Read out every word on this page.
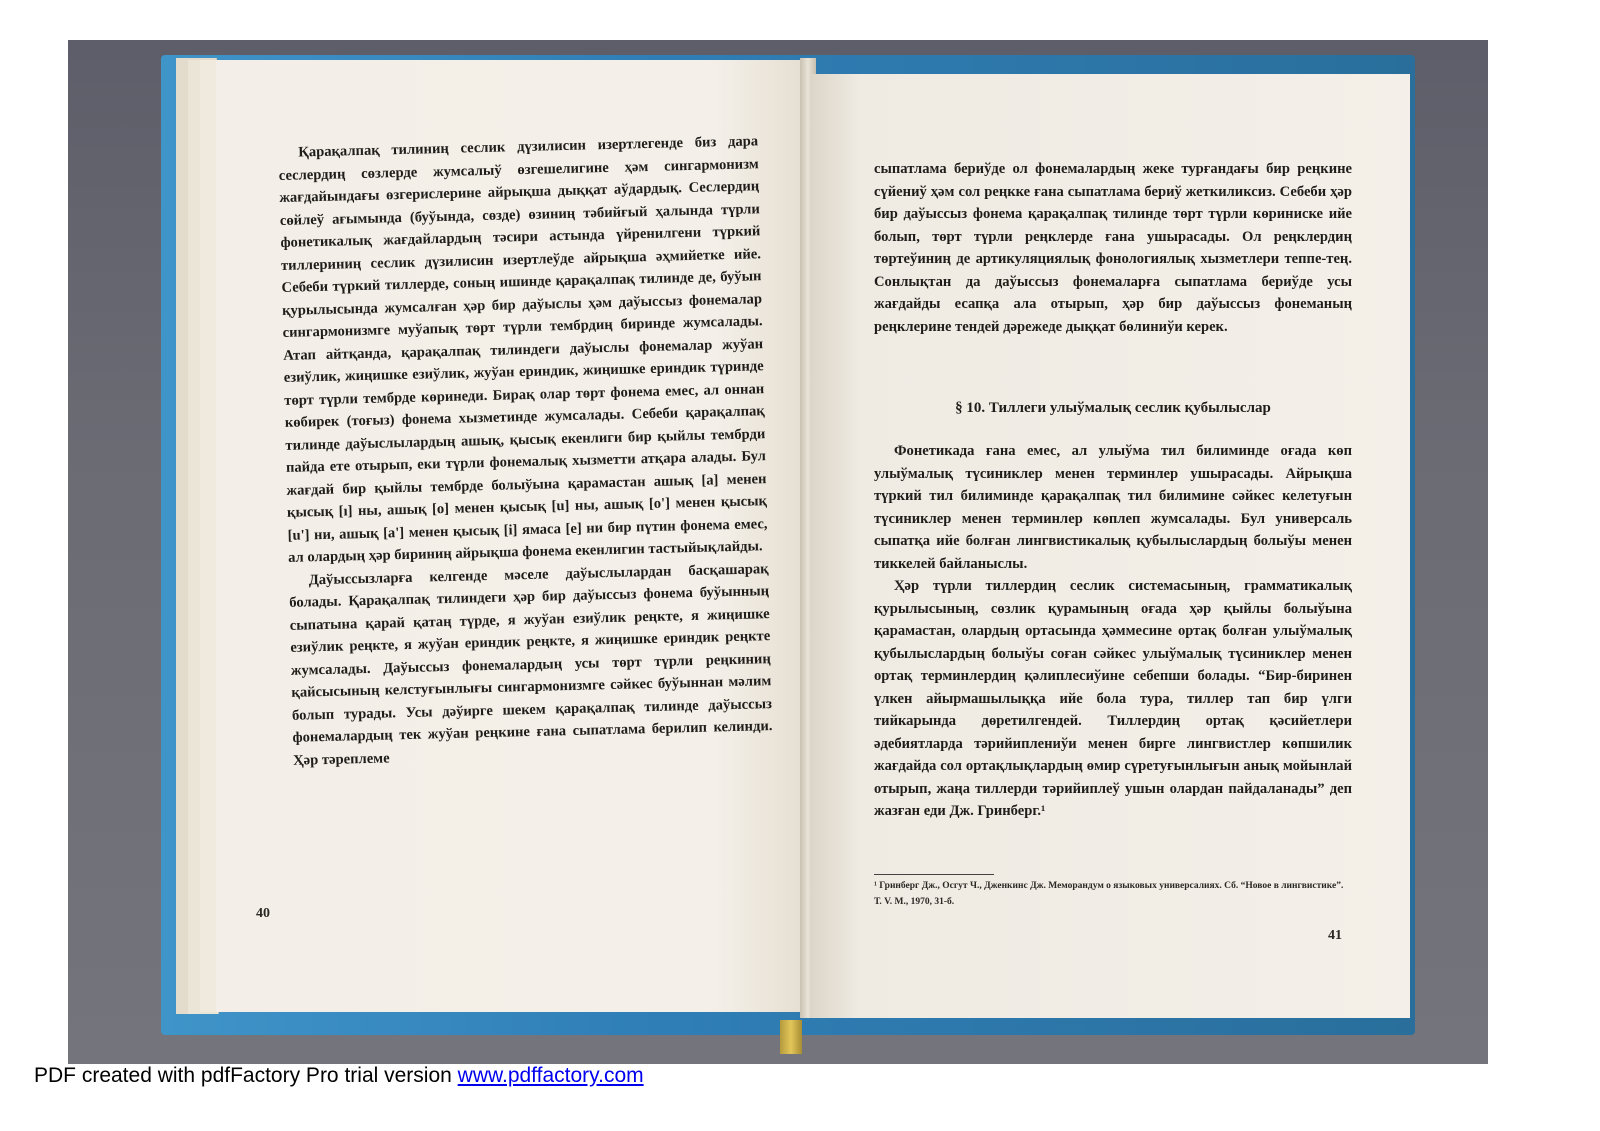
Қарақалпақ тилиниң сеслик дүзилисин изертлегенде биз дара сеслердиң сөзлерде жумсалыў өзгешелигине ҳәм сингармонизм жағдайындағы өзгерислерине айрықша дыққат аўдардық. Сеслердиң сөйлеў ағымында (буўында, сөзде) өзиниң тәбийғый ҳалында түрли фонетикалық жағдайлардың тәсири астында үйренилгени түркий тиллериниң сеслик дүзилисин изертлеўде айрықша әҳмийетке ийе. Себеби түркий тиллерде, соның ишинде қарақалпақ тилинде де, буўын қурылысында жумсалған ҳәр бир даўыслы ҳәм даўыссыз фонемалар сингармонизмге муўапық төрт түрли тембрдиң биринде жумсалады. Атап айтқанда, қарақалпақ тилиндеги даўыслы фонемалар жуўан езиўлик, жиңишке езиўлик, жуўан ериндик, жиңишке ериндик түринде төрт түрли тембрде көринеди. Бирақ олар төрт фонема емес, ал оннан көбирек (тоғыз) фонема хызметинде жумсалады. Себеби қарақалпақ тилинде даўыслылардың ашық, қысық екенлиги бир қыйлы тембрди пайда ете отырып, еки түрли фонемалық хызметти атқара алады. Бул жағдай бир қыйлы тембрде болыўына қарамастан ашық [а] менен қысық [ı] ны, ашық [о] менен қысық [u] ны, ашық [о'] менен қысық [u'] ни, ашық [а'] менен қысық [i] ямаса [е] ни бир пүтин фонема емес, ал олардың ҳәр бириниң айрықша фонема екенлигин тастыйықлайды.

Даўыссызларға келгенде мәселе даўыслылардан басқашарақ болады. Қарақалпақ тилиндеги ҳәр бир даўыссыз фонема буўынның сыпатына қарай қатаң түрде, я жуўан езиўлик реңкте, я жиңишке езиўлик реңкте, я жуўан ериндик реңкте, я жиңишке ериндик реңкте жумсалады. Даўыссыз фонемалардың усы төрт түрли реңкиниң қайсысының келстуғынлығы сингармонизмге сәйкес буўыннан мәлим болып турады. Усы дәўирге шекем қарақалпақ тилинде даўыссыз фонемалардың тек жуўан реңкине ғана сыпатлама берилип келинди. Ҳәр тәреплеме

40
сыпатлама бериўде ол фонемалардың жеке турғандағы бир реңкине сүйениў ҳәм сол реңкке ғана сыпатлама бериў жеткиликсиз. Себеби ҳәр бир даўыссыз фонема қарақалпақ тилинде төрт түрли көриниске ийе болып, төрт түрли реңклерде ғана ушырасады. Ол реңклердиң төртеўиниң де артикуляциялық фонологиялық хызметлери теппе-тең. Сонлықтан да даўыссыз фонемаларға сыпатлама бериўде усы жағдайды есапқа ала отырып, ҳәр бир даўыссыз фонеманың реңклерине тендей дәрежеде дыққат бөлиниўи керек.
§ 10. Тиллеги улыўмалық сеслик қубылыслар

Фонетикада ғана емес, ал улыўма тил билиминде оғада көп улыўмалық түсиниклер менен терминлер ушырасады. Айрықша түркий тил билиминде қарақалпақ тил билимине сәйкес келетуғын түсиниклер менен терминлер көплеп жумсалады. Бул универсаль сыпатқа ийе болған лингвистикалық қубылыслардың болыўы менен тиккелей байланыслы.

Ҳәр түрли тиллердиң сеслик системасының, грамматикалық қурылысының, сөзлик қурамының оғада ҳәр қыйлы болыўына қарамастан, олардың ортасында ҳәммесине ортақ болған улыўмалық қубылыслардың болыўы соған сәйкес улыўмалық түсиниклер менен ортақ терминлердиң қәлиплесиўине себепши болады. “Бир-биринен үлкен айырмашылыққа ийе бола тура, тиллер тап бир үлги тийкарында дөретилгендей. Тиллердиң ортақ қәсийетлери әдебиятларда тәрийиплениўи менен бирге лингвистлер көпшилик жағдайда сол ортақлықлардың өмир сүретуғынлығын анық мойынлай отырып, жаңа тиллерди тәрийиплеў ушын олардан пайдаланады” деп жазған еди Дж. Гринберг.¹

¹ Гринберг Дж., Осгут Ч., Дженкинс Дж. Меморандум о языковых универсалиях. Сб. “Новое в лингвистике”. Т. V. М., 1970, 31-б.
41
PDF created with pdfFactory Pro trial version www.pdffactory.com
